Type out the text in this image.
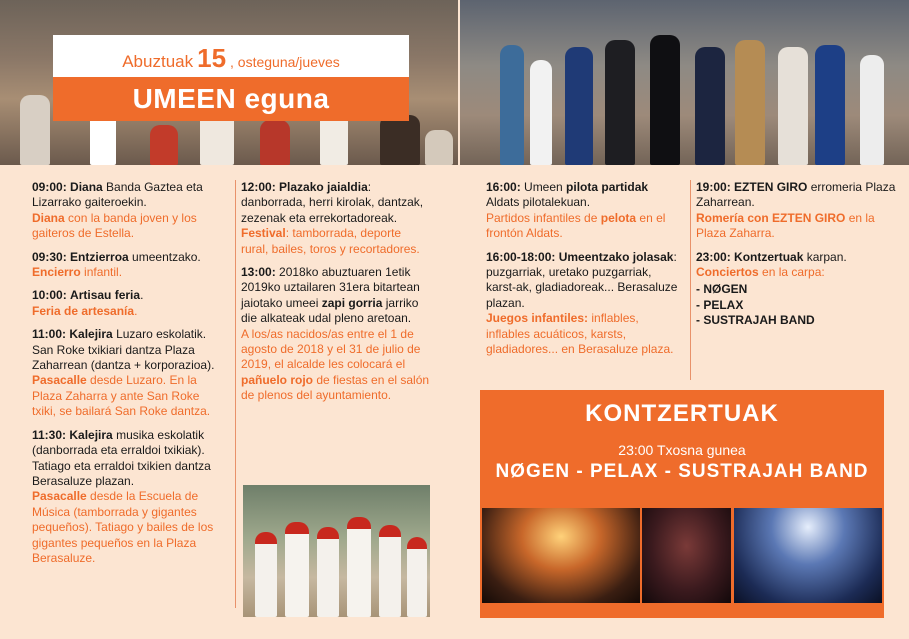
Abuztuak 15 , osteguna/jueves
UMEEN eguna
09:00: Diana Banda Gaztea eta Lizarrako gaiteroekin.
Diana con la banda joven y los gaiteros de Estella.
09:30: Entzierroa umeentzako.
Encierro infantil.
10:00: Artisau feria.
Feria de artesanía.
11:00: Kalejira Luzaro eskolatik. San Roke txikiari dantza Plaza Zaharrean (dantza + korporazioa).
Pasacalle desde Luzaro. En la Plaza Zaharra y ante San Roke txiki, se bailará San Roke dantza.
11:30: Kalejira musika eskolatik (danborrada eta erraldoi txikiak). Tatiago eta erraldoi txikien dantza Berasaluze plazan.
Pasacalle desde la Escuela de Música (tamborrada y gigantes pequeños). Tatiago y bailes de los gigantes pequeños en la Plaza Berasaluze.
12:00: Plazako jaialdia: danborrada, herri kirolak, dantzak, zezenak eta errekortadoreak.
Festival: tamborrada, deporte rural, bailes, toros y recortadores.
13:00: 2018ko abuztuaren 1etik 2019ko uztailaren 31era bitartean jaiotako umeei zapi gorria jarriko die alkateak udal pleno aretoan.
A los/as nacidos/as entre el 1 de agosto de 2018 y el 31 de julio de 2019, el alcalde les colocará el pañuelo rojo de fiestas en el salón de plenos del ayuntamiento.
16:00: Umeen pilota partidak Aldats pilotalekuan.
Partidos infantiles de pelota en el frontón Aldats.
16:00-18:00: Umeentzako jolasak: puzgarriak, uretako puzgarriak, karst-ak, gladiadoreak... Berasaluze plazan.
Juegos infantiles: inflables, inflables acuáticos, karsts, gladiadores... en Berasaluze plaza.
19:00: EZTEN GIRO erromeria Plaza Zaharrean.
Romería con EZTEN GIRO en la Plaza Zaharra.
23:00: Kontzertuak karpan.
Conciertos en la carpa:
- NØGEN
- PELAX
- SUSTRAJAH BAND
KONTZERTUAK
23:00 Txosna gunea
NØGEN - PELAX - SUSTRAJAH BAND
